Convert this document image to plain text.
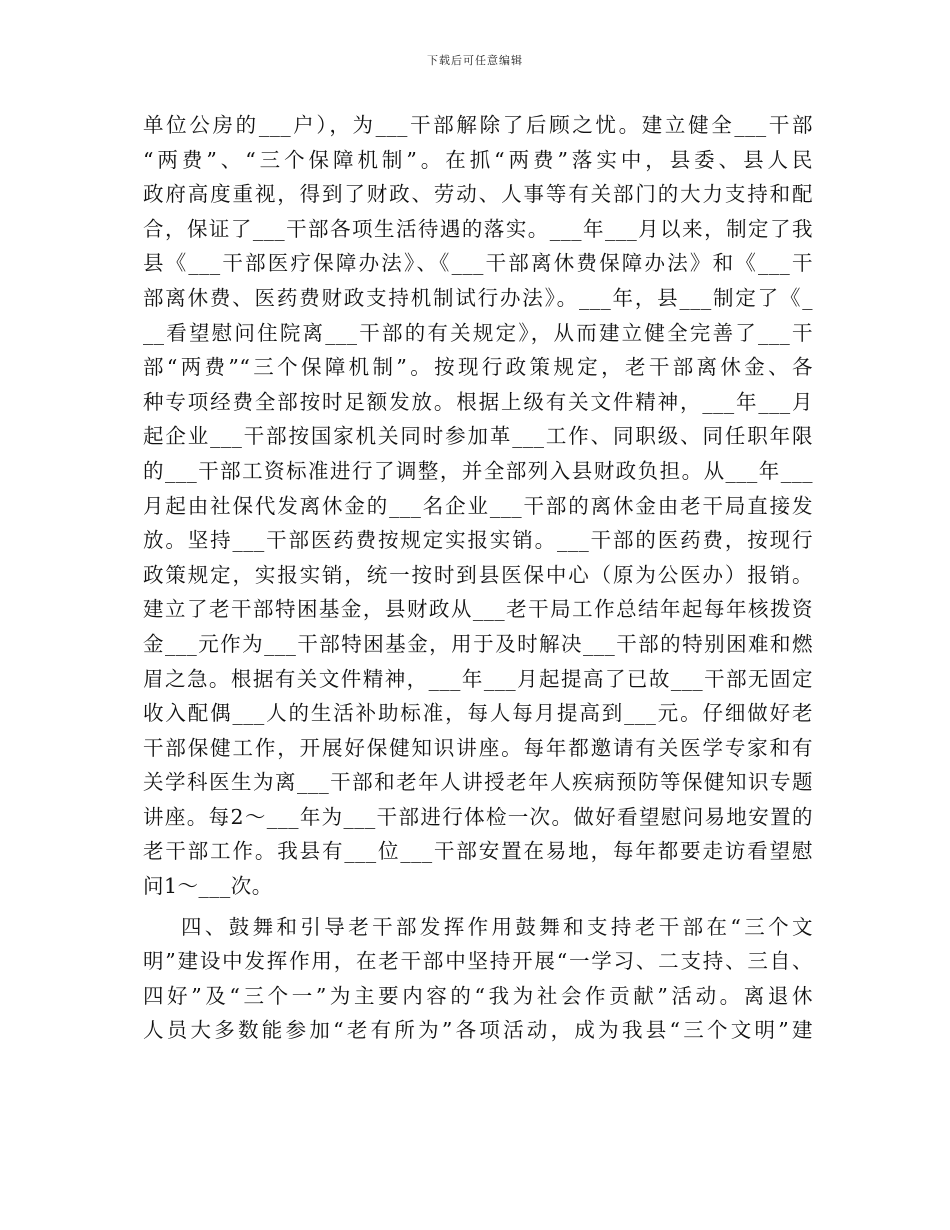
下载后可任意编辑
单位公房的___户），为___干部解除了后顾之忧。建立健全___干部
“两费”、“三个保障机制”。在抓“两费”落实中，县委、县人民
政府高度重视，得到了财政、劳动、人事等有关部门的大力支持和配
合，保证了___干部各项生活待遇的落实。___年___月以来，制定了我
县《___干部医疗保障办法》、《___干部离休费保障办法》和《___干
部离休费、医药费财政支持机制试行办法》。___年，县___制定了《_
__看望慰问住院离___干部的有关规定》，从而建立健全完善了___干
部“两费”“三个保障机制”。按现行政策规定，老干部离休金、各
种专项经费全部按时足额发放。根据上级有关文件精神，___年___月
起企业___干部按国家机关同时参加革___工作、同职级、同任职年限
的___干部工资标准进行了调整，并全部列入县财政负担。从___年___
月起由社保代发离休金的___名企业___干部的离休金由老干局直接发
放。坚持___干部医药费按规定实报实销。___干部的医药费，按现行
政策规定，实报实销，统一按时到县医保中心（原为公医办）报销。
建立了老干部特困基金，县财政从___老干局工作总结年起每年核拨资
金___元作为___干部特困基金，用于及时解决___干部的特别困难和燃
眉之急。根据有关文件精神，___年___月起提高了已故___干部无固定
收入配偶___人的生活补助标准，每人每月提高到___元。仔细做好老
干部保健工作，开展好保健知识讲座。每年都邀请有关医学专家和有
关学科医生为离___干部和老年人讲授老年人疾病预防等保健知识专题
讲座。每2～___年为___干部进行体检一次。做好看望慰问易地安置的
老干部工作。我县有___位___干部安置在易地，每年都要走访看望慰
问1～___次。
四、鼓舞和引导老干部发挥作用鼓舞和支持老干部在“三个文
明”建设中发挥作用，在老干部中坚持开展“一学习、二支持、三自、
四好”及“三个一”为主要内容的“我为社会作贡献”活动。离退休
人员大多数能参加“老有所为”各项活动，成为我县“三个文明”建
